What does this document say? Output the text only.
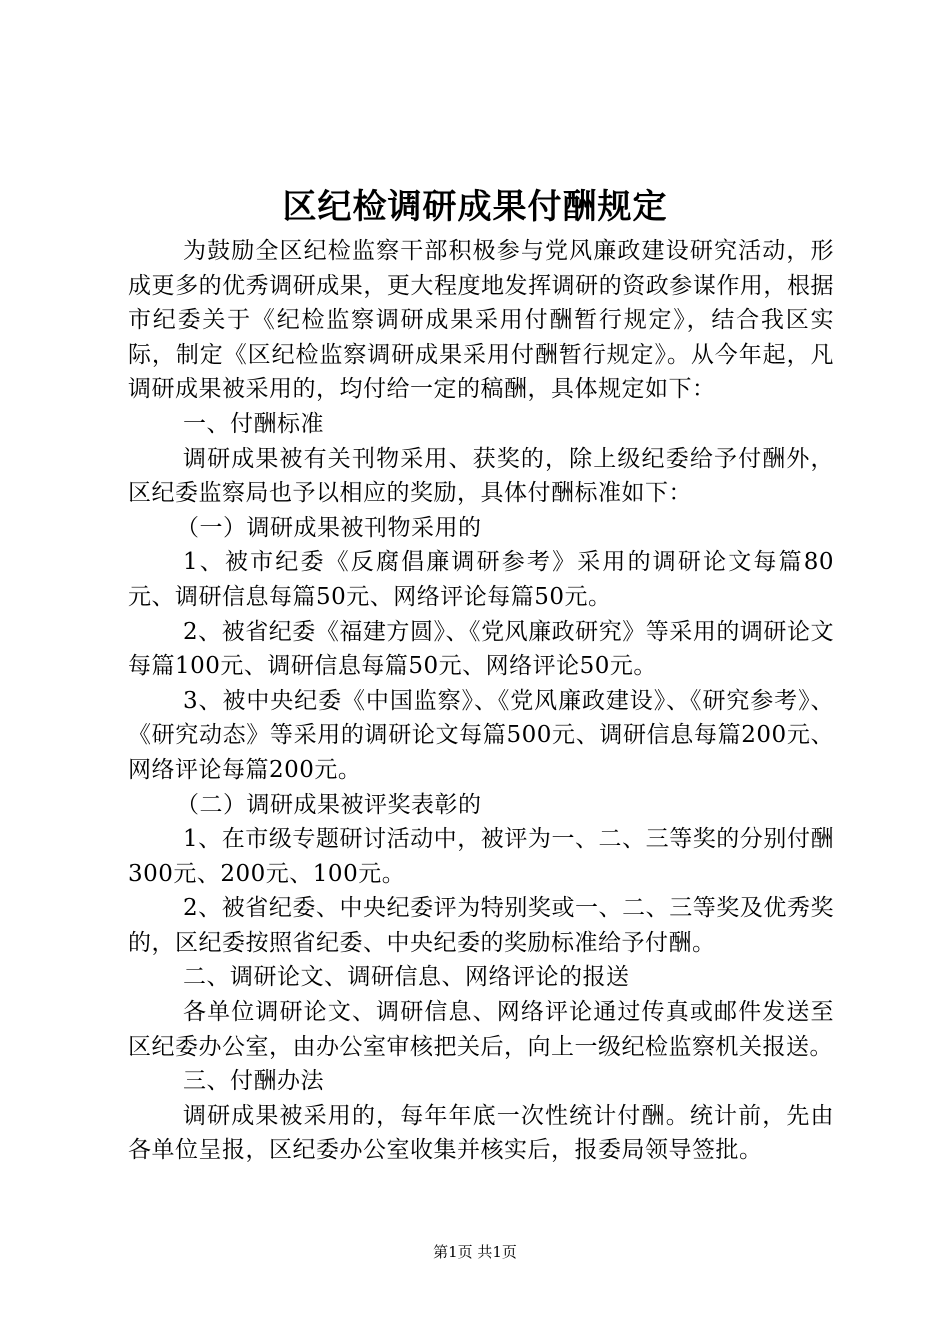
区纪检调研成果付酬规定

为鼓励全区纪检监察干部积极参与党风廉政建设研究活动，形成更多的优秀调研成果，更大程度地发挥调研的资政参谋作用，根据市纪委关于《纪检监察调研成果采用付酬暂行规定》，结合我区实际，制定《区纪检监察调研成果采用付酬暂行规定》。从今年起，凡调研成果被采用的，均付给一定的稿酬，具体规定如下：

一、付酬标准

调研成果被有关刊物采用、获奖的，除上级纪委给予付酬外，区纪委监察局也予以相应的奖励，具体付酬标准如下：

（一）调研成果被刊物采用的

1、被市纪委《反腐倡廉调研参考》采用的调研论文每篇80元、调研信息每篇50元、网络评论每篇50元。

2、被省纪委《福建方圆》、《党风廉政研究》等采用的调研论文每篇100元、调研信息每篇50元、网络评论50元。

3、被中央纪委《中国监察》、《党风廉政建设》、《研究参考》、《研究动态》等采用的调研论文每篇500元、调研信息每篇200元、网络评论每篇200元。

（二）调研成果被评奖表彰的

1、在市级专题研讨活动中，被评为一、二、三等奖的分别付酬300元、200元、100元。

2、被省纪委、中央纪委评为特别奖或一、二、三等奖及优秀奖的，区纪委按照省纪委、中央纪委的奖励标准给予付酬。

二、调研论文、调研信息、网络评论的报送

各单位调研论文、调研信息、网络评论通过传真或邮件发送至区纪委办公室，由办公室审核把关后，向上一级纪检监察机关报送。

三、付酬办法

调研成果被采用的，每年年底一次性统计付酬。统计前，先由各单位呈报，区纪委办公室收集并核实后，报委局领导签批。

第1页 共1页
